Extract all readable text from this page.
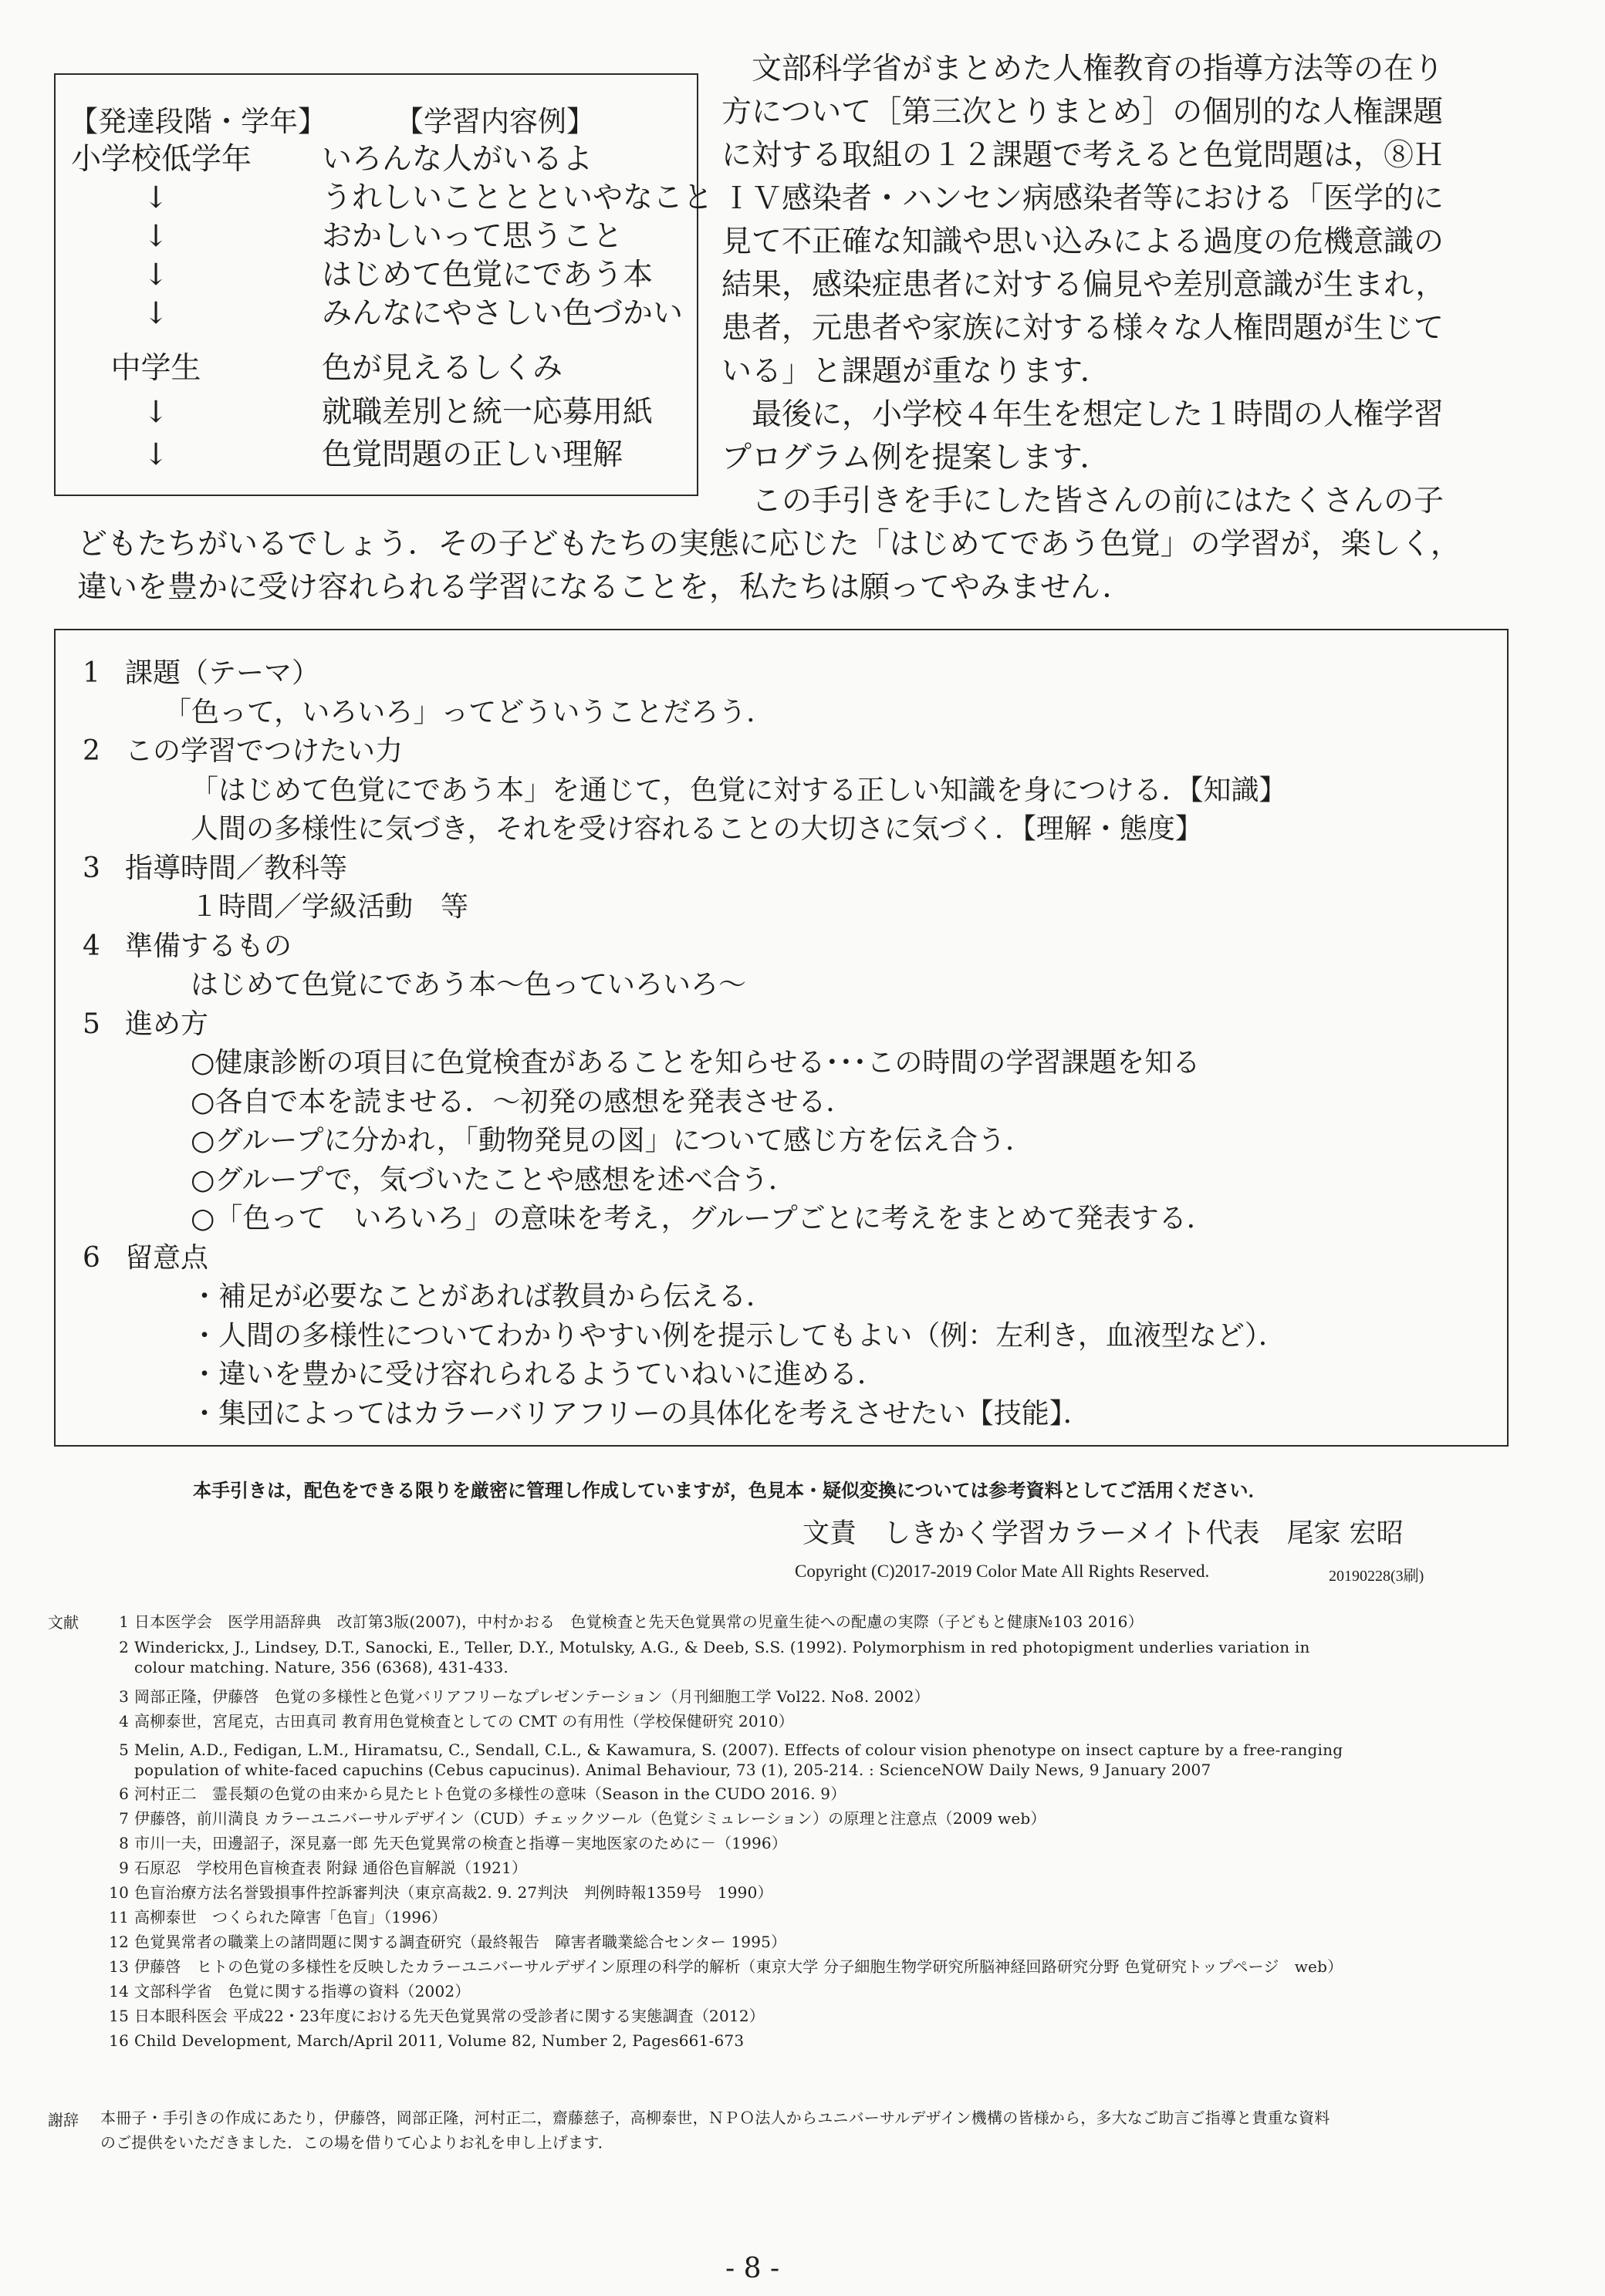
【発達段階・学年】 【学習内容例】
小学校低学年 いろんな人がいるよ
↓	うれしいこととといやなこと
↓	おかしいって思うこと
↓	はじめて色覚にであう本
↓	みんなにやさしい色づかい
中学生	色が見えるしくみ
↓	就職差別と統一応募用紙
↓	色覚問題の正しい理解
　文部科学省がまとめた人権教育の指導方法等の在り
方について［第三次とりまとめ］の個別的な人権課題
に対する取組の１２課題で考えると色覚問題は，⑧Ｈ
ＩＶ感染者・ハンセン病感染者等における「医学的に
見て不正確な知識や思い込みによる過度の危機意識の
結果，感染症患者に対する偏見や差別意識が生まれ，
患者，元患者や家族に対する様々な人権問題が生じて
いる」と課題が重なります．
　最後に，小学校４年生を想定した１時間の人権学習
プログラム例を提案します．
　この手引きを手にした皆さんの前にはたくさんの子
どもたちがいるでしょう．その子どもたちの実態に応じた「はじめてであう色覚」の学習が，楽しく，
違いを豊かに受け容れられる学習になることを，私たちは願ってやみません．
1 課題（テーマ）
「色って，いろいろ」ってどういうことだろう．
2 この学習でつけたい力
「はじめて色覚にであう本」を通じて，色覚に対する正しい知識を身につける．【知識】
人間の多様性に気づき，それを受け容れることの大切さに気づく．【理解・態度】
3 指導時間／教科等
１時間／学級活動　等
4 準備するもの
はじめて色覚にであう本～色っていろいろ～
5 進め方
○健康診断の項目に色覚検査があることを知らせる･･･この時間の学習課題を知る
○各自で本を読ませる．～初発の感想を発表させる．
○グループに分かれ，「動物発見の図」について感じ方を伝え合う．
○グループで，気づいたことや感想を述べ合う．
○「色って　いろいろ」の意味を考え，グループごとに考えをまとめて発表する．
6 留意点
・補足が必要なことがあれば教員から伝える．
・人間の多様性についてわかりやすい例を提示してもよい（例：左利き，血液型など）．
・違いを豊かに受け容れられるようていねいに進める．
・集団によってはカラーバリアフリーの具体化を考えさせたい【技能】．
本手引きは，配色をできる限りを厳密に管理し作成していますが，色見本・疑似変換については参考資料としてご活用ください．
文責　しきかく学習カラーメイト代表　尾家 宏昭
Copyright (C)2017-2019 Color Mate All Rights Reserved.	20190228(3刷)
文献	1 日本医学会　医学用語辞典　改訂第3版(2007)，中村かおる　色覚検査と先天色覚異常の児童生徒への配慮の実際（子どもと健康№103 2016）
2 Winderickx, J., Lindsey, D.T., Sanocki, E., Teller, D.Y., Motulsky, A.G., & Deeb, S.S. (1992). Polymorphism in red photopigment underlies variation in
colour matching. Nature, 356 (6368), 431-433.
3 岡部正隆，伊藤啓　色覚の多様性と色覚バリアフリーなプレゼンテーション（月刊細胞工学 Vol22. No8. 2002）
4 高柳泰世，宮尾克，古田真司 教育用色覚検査としての CMT の有用性（学校保健研究 2010）
5 Melin, A.D., Fedigan, L.M., Hiramatsu, C., Sendall, C.L., & Kawamura, S. (2007). Effects of colour vision phenotype on insect capture by a free-ranging
population of white-faced capuchins (Cebus capucinus). Animal Behaviour, 73 (1), 205-214. : ScienceNOW Daily News, 9 January 2007
6 河村正二　霊長類の色覚の由来から見たヒト色覚の多様性の意味（Season in the CUDO 2016. 9）
7 伊藤啓，前川満良 カラーユニバーサルデザイン（CUD）チェックツール（色覚シミュレーション）の原理と注意点（2009 web）
8 市川一夫，田邊詔子，深見嘉一郎 先天色覚異常の検査と指導－実地医家のために－（1996）
9 石原忍　学校用色盲検査表 附録 通俗色盲解説（1921）
10 色盲治療方法名誉毀損事件控訴審判決（東京高裁2. 9. 27判決　判例時報1359号　1990）
11 高柳泰世　つくられた障害「色盲」（1996）
12 色覚異常者の職業上の諸問題に関する調査研究（最終報告　障害者職業総合センター 1995）
13 伊藤啓　ヒトの色覚の多様性を反映したカラーユニバーサルデザイン原理の科学的解析（東京大学 分子細胞生物学研究所脳神経回路研究分野 色覚研究トップページ　web）
14 文部科学省　色覚に関する指導の資料（2002）
15 日本眼科医会 平成22・23年度における先天色覚異常の受診者に関する実態調査（2012）
16 Child Development, March/April 2011, Volume 82, Number 2, Pages661-673
謝辞 本冊子・手引きの作成にあたり，伊藤啓，岡部正隆，河村正二，齋藤慈子，高柳泰世，ＮＰＯ法人からユニバーサルデザイン機構の皆様から，多大なご助言ご指導と貴重な資料
のご提供をいただきました．この場を借りて心よりお礼を申し上げます．
- 8 -
